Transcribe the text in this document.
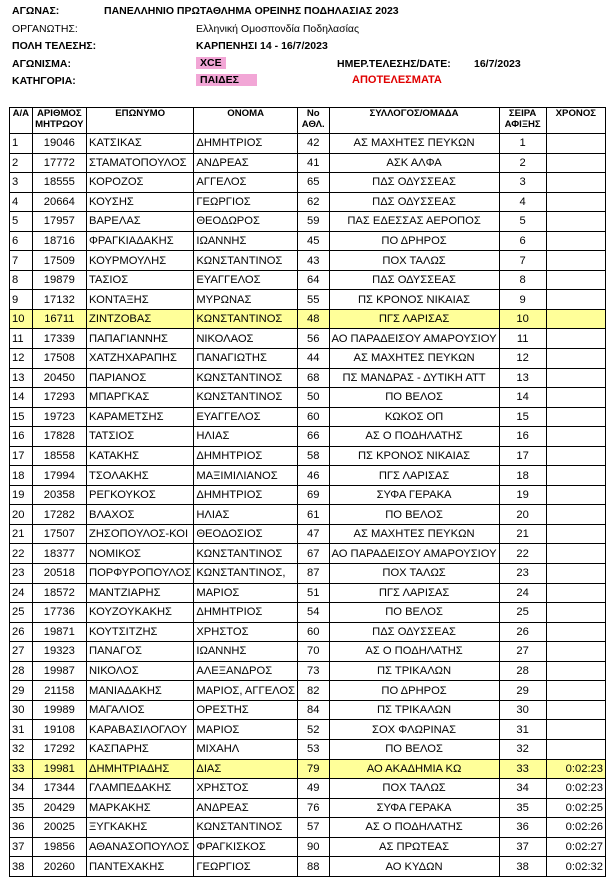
ΑΓΩΝΑΣ:	ΠΑΝΕΛΛΗΝΙΟ ΠΡΩΤΑΘΛΗΜΑ ΟΡΕΙΝΗΣ ΠΟΔΗΛΑΣΙΑΣ 2023
ΟΡΓΑΝΩΤΗΣ:	Ελληνική Ομοσπονδία Ποδηλασίας
ΠΟΛΗ ΤΕΛΕΣΗΣ:	ΚΑΡΠΕΝΗΣΙ 14 - 16/7/2023
ΑΓΩΝΙΣΜΑ:	XCE	ΗΜΕΡ.ΤΕΛΕΣΗΣ/DATE: 16/7/2023
ΚΑΤΗΓΟΡΙΑ:	ΠΑΙΔΕΣ	ΑΠΟΤΕΛΕΣΜΑΤΑ
Α/Α	ΑΡΙΘΜΟΣ ΜΗΤΡΩΟΥ	ΕΠΩΝΥΜΟ	ΟΝΟΜΑ	No ΑΘΛ.	ΣΥΛΛΟΓΟΣ/ΟΜΑΔΑ	ΣΕΙΡΑ ΑΦΙΞΗΣ	ΧΡΟΝΟΣ
1	19046	ΚΑΤΣΙΚΑΣ	ΔΗΜΗΤΡΙΟΣ	42	ΑΣ ΜΑΧΗΤΕΣ ΠΕΥΚΩΝ	1	
2	17772	ΣΤΑΜΑΤΟΠΟΥΛΟΣ	ΑΝΔΡΕΑΣ	41	ΑΣΚ ΑΛΦΑ	2	
3	18555	ΚΟΡΟΖΟΣ	ΑΓΓΕΛΟΣ	65	ΠΔΣ ΟΔΥΣΣΕΑΣ	3	
4	20664	ΚΟΥΣΗΣ	ΓΕΩΡΓΙΟΣ	62	ΠΔΣ ΟΔΥΣΣΕΑΣ	4	
5	17957	ΒΑΡΕΛΑΣ	ΘΕΟΔΩΡΟΣ	59	ΠΑΣ ΕΔΕΣΣΑΣ ΑΕΡΟΠΟΣ	5	
6	18716	ΦΡΑΓΚΙΑΔΑΚΗΣ	ΙΩΑΝΝΗΣ	45	ΠΟ ΔΡΗΡΟΣ	6	
7	17509	ΚΟΥΡΜΟΥΛΗΣ	ΚΩΝΣΤΑΝΤΙΝΟΣ	43	ΠΟΧ ΤΑΛΩΣ	7	
8	19879	ΤΑΣΙΟΣ	ΕΥΑΓΓΕΛΟΣ	64	ΠΔΣ ΟΔΥΣΣΕΑΣ	8	
9	17132	ΚΟΝΤΑΞΗΣ	ΜΥΡΩΝΑΣ	55	ΠΣ ΚΡΟΝΟΣ ΝΙΚΑΙΑΣ	9	
10	16711	ΖΙΝΤΖΟΒΑΣ	ΚΩΝΣΤΑΝΤΙΝΟΣ	48	ΠΓΣ ΛΑΡΙΣΑΣ	10	
11	17339	ΠΑΠΑΓΙΑΝΝΗΣ	ΝΙΚΟΛΑΟΣ	56	ΑΟ ΠΑΡΑΔΕΙΣΟΥ ΑΜΑΡΟΥΣΙΟΥ	11	
12	17508	ΧΑΤΖΗΧΑΡΑΠΗΣ	ΠΑΝΑΓΙΩΤΗΣ	44	ΑΣ ΜΑΧΗΤΕΣ ΠΕΥΚΩΝ	12	
13	20450	ΠΑΡΙΑΝΟΣ	ΚΩΝΣΤΑΝΤΙΝΟΣ	68	ΠΣ ΜΑΝΔΡΑΣ - ΔΥΤΙΚΗ ΑΤΤ	13	
14	17293	ΜΠΑΡΓΚΑΣ	ΚΩΝΣΤΑΝΤΙΝΟΣ	50	ΠΟ ΒΕΛΟΣ	14	
15	19723	ΚΑΡΑΜΕΤΣΗΣ	ΕΥΑΓΓΕΛΟΣ	60	ΚΩΚΟΣ ΟΠ	15	
16	17828	ΤΑΤΣΙΟΣ	ΗΛΙΑΣ	66	ΑΣ Ο ΠΟΔΗΛΑΤΗΣ	16	
17	18558	ΚΑΤΑΚΗΣ	ΔΗΜΗΤΡΙΟΣ	58	ΠΣ ΚΡΟΝΟΣ ΝΙΚΑΙΑΣ	17	
18	17994	ΤΣΟΛΑΚΗΣ	ΜΑΞΙΜΙΛΙΑΝΟΣ	46	ΠΓΣ ΛΑΡΙΣΑΣ	18	
19	20358	ΡΕΓΚΟΥΚΟΣ	ΔΗΜΗΤΡΙΟΣ	69	ΣΥΦΑ ΓΕΡΑΚΑ	19	
20	17282	ΒΛΑΧΟΣ	ΗΛΙΑΣ	61	ΠΟ ΒΕΛΟΣ	20	
21	17507	ΖΗΣΟΠΟΥΛΟΣ-ΚΟΙ	ΘΕΟΔΟΣΙΟΣ	47	ΑΣ ΜΑΧΗΤΕΣ ΠΕΥΚΩΝ	21	
22	18377	ΝΟΜΙΚΟΣ	ΚΩΝΣΤΑΝΤΙΝΟΣ	67	ΑΟ ΠΑΡΑΔΕΙΣΟΥ ΑΜΑΡΟΥΣΙΟΥ	22	
23	20518	ΠΟΡΦΥΡΟΠΟΥΛΟΣ	ΚΩΝΣΤΑΝΤΙΝΟΣ,	87	ΠΟΧ ΤΑΛΩΣ	23	
24	18572	ΜΑΝΤΖΙΑΡΗΣ	ΜΑΡΙΟΣ	51	ΠΓΣ ΛΑΡΙΣΑΣ	24	
25	17736	ΚΟΥΖΟΥΚΑΚΗΣ	ΔΗΜΗΤΡΙΟΣ	54	ΠΟ ΒΕΛΟΣ	25	
26	19871	ΚΟΥΤΣΙΤΖΗΣ	ΧΡΗΣΤΟΣ	60	ΠΔΣ ΟΔΥΣΣΕΑΣ	26	
27	19323	ΠΑΝΑΓΟΣ	ΙΩΑΝΝΗΣ	70	ΑΣ Ο ΠΟΔΗΛΑΤΗΣ	27	
28	19987	ΝΙΚΟΛΟΣ	ΑΛΕΞΑΝΔΡΟΣ	73	ΠΣ ΤΡΙΚΑΛΩΝ	28	
29	21158	ΜΑΝΙΑΔΑΚΗΣ	ΜΑΡΙΟΣ, ΑΓΓΕΛΟΣ	82	ΠΟ ΔΡΗΡΟΣ	29	
30	19989	ΜΑΓΑΛΙΟΣ	ΟΡΕΣΤΗΣ	84	ΠΣ ΤΡΙΚΑΛΩΝ	30	
31	19108	ΚΑΡΑΒΑΣΙΛΟΓΛΟΥ	ΜΑΡΙΟΣ	52	ΣΟΧ ΦΛΩΡΙΝΑΣ	31	
32	17292	ΚΑΣΠΑΡΗΣ	ΜΙΧΑΗΛ	53	ΠΟ ΒΕΛΟΣ	32	
33	19981	ΔΗΜΗΤΡΙΑΔΗΣ	ΔΙΑΣ	79	ΑΟ ΑΚΑΔΗΜΙΑ ΚΩ	33	0:02:23
34	17344	ΓΛΑΜΠΕΔΑΚΗΣ	ΧΡΗΣΤΟΣ	49	ΠΟΧ ΤΑΛΩΣ	34	0:02:23
35	20429	ΜΑΡΚΑΚΗΣ	ΑΝΔΡΕΑΣ	76	ΣΥΦΑ ΓΕΡΑΚΑ	35	0:02:25
36	20025	ΞΥΓΚΑΚΗΣ	ΚΩΝΣΤΑΝΤΙΝΟΣ	57	ΑΣ Ο ΠΟΔΗΛΑΤΗΣ	36	0:02:26
37	19856	ΑΘΑΝΑΣΟΠΟΥΛΟΣ	ΦΡΑΓΚΙΣΚΟΣ	90	ΑΣ ΠΡΩΤΕΑΣ	37	0:02:27
38	20260	ΠΑΝΤΕΧΑΚΗΣ	ΓΕΩΡΓΙΟΣ	88	ΑΟ ΚΥΔΩΝ	38	0:02:32
